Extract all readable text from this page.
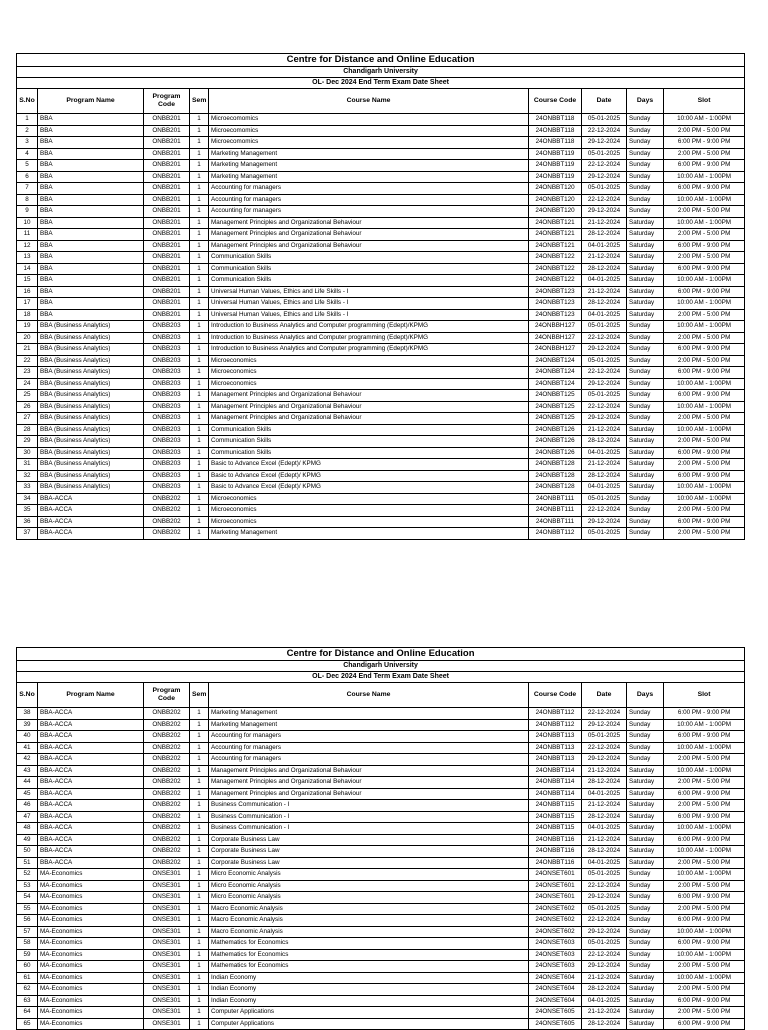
Centre for Distance and Online Education								
Chandigarh University								
OL- Dec 2024 End Term Exam Date Sheet								
S.No	Program Name	Program Code	Sem	Course Name	Course Code	Date	Days	Slot
1	BBA	ONBB201	1	Microecomomics	24ONBBT118	05-01-2025	Sunday	10:00 AM - 1:00PM
2	BBA	ONBB201	1	Microecomomics	24ONBBT118	22-12-2024	Sunday	2:00 PM - 5:00 PM
3	BBA	ONBB201	1	Microecomomics	24ONBBT118	29-12-2024	Sunday	6:00 PM - 9:00 PM
4	BBA	ONBB201	1	Marketing Management	24ONBBT119	05-01-2025	Sunday	2:00 PM - 5:00 PM
5	BBA	ONBB201	1	Marketing Management	24ONBBT119	22-12-2024	Sunday	6:00 PM - 9:00 PM
6	BBA	ONBB201	1	Marketing Management	24ONBBT119	29-12-2024	Sunday	10:00 AM - 1:00PM
7	BBA	ONBB201	1	Accounting for managers	24ONBBT120	05-01-2025	Sunday	6:00 PM - 9:00 PM
8	BBA	ONBB201	1	Accounting for managers	24ONBBT120	22-12-2024	Sunday	10:00 AM - 1:00PM
9	BBA	ONBB201	1	Accounting for managers	24ONBBT120	29-12-2024	Sunday	2:00 PM - 5:00 PM
10	BBA	ONBB201	1	Management Principles and Organizational Behaviour	24ONBBT121	21-12-2024	Saturday	10:00 AM - 1:00PM
11	BBA	ONBB201	1	Management Principles and Organizational Behaviour	24ONBBT121	28-12-2024	Saturday	2:00 PM - 5:00 PM
12	BBA	ONBB201	1	Management Principles and Organizational Behaviour	24ONBBT121	04-01-2025	Saturday	6:00 PM - 9:00 PM
13	BBA	ONBB201	1	Communication Skills	24ONBBT122	21-12-2024	Saturday	2:00 PM - 5:00 PM
14	BBA	ONBB201	1	Communication Skills	24ONBBT122	28-12-2024	Saturday	6:00 PM - 9:00 PM
15	BBA	ONBB201	1	Communication Skills	24ONBBT122	04-01-2025	Saturday	10:00 AM - 1:00PM
16	BBA	ONBB201	1	Universal Human Values, Ethics and Life Skills - I	24ONBBT123	21-12-2024	Saturday	6:00 PM - 9:00 PM
17	BBA	ONBB201	1	Universal Human Values, Ethics and Life Skills - I	24ONBBT123	28-12-2024	Saturday	10:00 AM - 1:00PM
18	BBA	ONBB201	1	Universal Human Values, Ethics and Life Skills - I	24ONBBT123	04-01-2025	Saturday	2:00 PM - 5:00 PM
19	BBA (Business Analytics)	ONBB203	1	Introduction to Business Analytics and Computer programming (Edept)/KPMG	24ONBBH127	05-01-2025	Sunday	10:00 AM - 1:00PM
20	BBA (Business Analytics)	ONBB203	1	Introduction to Business Analytics and Computer programming (Edept)/KPMG	24ONBBH127	22-12-2024	Sunday	2:00 PM - 5:00 PM
21	BBA (Business Analytics)	ONBB203	1	Introduction to Business Analytics and Computer programming (Edept)/KPMG	24ONBBH127	29-12-2024	Sunday	6:00 PM - 9:00 PM
22	BBA (Business Analytics)	ONBB203	1	Microeconomics	24ONBBT124	05-01-2025	Sunday	2:00 PM - 5:00 PM
23	BBA (Business Analytics)	ONBB203	1	Microeconomics	24ONBBT124	22-12-2024	Sunday	6:00 PM - 9:00 PM
24	BBA (Business Analytics)	ONBB203	1	Microeconomics	24ONBBT124	29-12-2024	Sunday	10:00 AM - 1:00PM
25	BBA (Business Analytics)	ONBB203	1	Management Principles and Organizational Behaviour	24ONBBT125	05-01-2025	Sunday	6:00 PM - 9:00 PM
26	BBA (Business Analytics)	ONBB203	1	Management Principles and Organizational Behaviour	24ONBBT125	22-12-2024	Sunday	10:00 AM - 1:00PM
27	BBA (Business Analytics)	ONBB203	1	Management Principles and Organizational Behaviour	24ONBBT125	29-12-2024	Sunday	2:00 PM - 5:00 PM
28	BBA (Business Analytics)	ONBB203	1	Communication Skills	24ONBBT126	21-12-2024	Saturday	10:00 AM - 1:00PM
29	BBA (Business Analytics)	ONBB203	1	Communication Skills	24ONBBT126	28-12-2024	Saturday	2:00 PM - 5:00 PM
30	BBA (Business Analytics)	ONBB203	1	Communication Skills	24ONBBT126	04-01-2025	Saturday	6:00 PM - 9:00 PM
31	BBA (Business Analytics)	ONBB203	1	Basic to Advance Excel (Edept)/ KPMG	24ONBBT128	21-12-2024	Saturday	2:00 PM - 5:00 PM
32	BBA (Business Analytics)	ONBB203	1	Basic to Advance Excel (Edept)/ KPMG	24ONBBT128	28-12-2024	Saturday	6:00 PM - 9:00 PM
33	BBA (Business Analytics)	ONBB203	1	Basic to Advance Excel (Edept)/ KPMG	24ONBBT128	04-01-2025	Saturday	10:00 AM - 1:00PM
34	BBA-ACCA	ONBB202	1	Microeconomics	24ONBBT111	05-01-2025	Sunday	10:00 AM - 1:00PM
35	BBA-ACCA	ONBB202	1	Microeconomics	24ONBBT111	22-12-2024	Sunday	2:00 PM - 5:00 PM
36	BBA-ACCA	ONBB202	1	Microeconomics	24ONBBT111	29-12-2024	Sunday	6:00 PM - 9:00 PM
37	BBA-ACCA	ONBB202	1	Marketing Management	24ONBBT112	05-01-2025	Sunday	2:00 PM - 5:00 PM
Centre for Distance and Online Education								
Chandigarh University								
OL- Dec 2024 End Term Exam Date Sheet								
S.No	Program Name	Program Code	Sem	Course Name	Course Code	Date	Days	Slot
38	BBA-ACCA	ONBB202	1	Marketing Management	24ONBBT112	22-12-2024	Sunday	6:00 PM - 9:00 PM
39	BBA-ACCA	ONBB202	1	Marketing Management	24ONBBT112	29-12-2024	Sunday	10:00 AM - 1:00PM
40	BBA-ACCA	ONBB202	1	Accounting for managers	24ONBBT113	05-01-2025	Sunday	6:00 PM - 9:00 PM
41	BBA-ACCA	ONBB202	1	Accounting for managers	24ONBBT113	22-12-2024	Sunday	10:00 AM - 1:00PM
42	BBA-ACCA	ONBB202	1	Accounting for managers	24ONBBT113	29-12-2024	Sunday	2:00 PM - 5:00 PM
43	BBA-ACCA	ONBB202	1	Management Principles and Organizational Behaviour	24ONBBT114	21-12-2024	Saturday	10:00 AM - 1:00PM
44	BBA-ACCA	ONBB202	1	Management Principles and Organizational Behaviour	24ONBBT114	28-12-2024	Saturday	2:00 PM - 5:00 PM
45	BBA-ACCA	ONBB202	1	Management Principles and Organizational Behaviour	24ONBBT114	04-01-2025	Saturday	6:00 PM - 9:00 PM
46	BBA-ACCA	ONBB202	1	Business Communication - I	24ONBBT115	21-12-2024	Saturday	2:00 PM - 5:00 PM
47	BBA-ACCA	ONBB202	1	Business Communication - I	24ONBBT115	28-12-2024	Saturday	6:00 PM - 9:00 PM
48	BBA-ACCA	ONBB202	1	Business Communication - I	24ONBBT115	04-01-2025	Saturday	10:00 AM - 1:00PM
49	BBA-ACCA	ONBB202	1	Corporate Business Law	24ONBBT116	21-12-2024	Saturday	6:00 PM - 9:00 PM
50	BBA-ACCA	ONBB202	1	Corporate Business Law	24ONBBT116	28-12-2024	Saturday	10:00 AM - 1:00PM
51	BBA-ACCA	ONBB202	1	Corporate Business Law	24ONBBT116	04-01-2025	Saturday	2:00 PM - 5:00 PM
52	MA-Economics	ONSE301	1	Micro Economic Analysis	24ONSET601	05-01-2025	Sunday	10:00 AM - 1:00PM
53	MA-Economics	ONSE301	1	Micro Economic Analysis	24ONSET601	22-12-2024	Sunday	2:00 PM - 5:00 PM
54	MA-Economics	ONSE301	1	Micro Economic Analysis	24ONSET601	29-12-2024	Sunday	6:00 PM - 9:00 PM
55	MA-Economics	ONSE301	1	Macro Economic Analysis	24ONSET602	05-01-2025	Sunday	2:00 PM - 5:00 PM
56	MA-Economics	ONSE301	1	Macro Economic Analysis	24ONSET602	22-12-2024	Sunday	6:00 PM - 9:00 PM
57	MA-Economics	ONSE301	1	Macro Economic Analysis	24ONSET602	29-12-2024	Sunday	10:00 AM - 1:00PM
58	MA-Economics	ONSE301	1	Mathematics for Economics	24ONSET603	05-01-2025	Sunday	6:00 PM - 9:00 PM
59	MA-Economics	ONSE301	1	Mathematics for Economics	24ONSET603	22-12-2024	Sunday	10:00 AM - 1:00PM
60	MA-Economics	ONSE301	1	Mathematics for Economics	24ONSET603	29-12-2024	Sunday	2:00 PM - 5:00 PM
61	MA-Economics	ONSE301	1	Indian Economy	24ONSET604	21-12-2024	Saturday	10:00 AM - 1:00PM
62	MA-Economics	ONSE301	1	Indian Economy	24ONSET604	28-12-2024	Saturday	2:00 PM - 5:00 PM
63	MA-Economics	ONSE301	1	Indian Economy	24ONSET604	04-01-2025	Saturday	6:00 PM - 9:00 PM
64	MA-Economics	ONSE301	1	Computer Applications	24ONSET605	21-12-2024	Saturday	2:00 PM - 5:00 PM
65	MA-Economics	ONSE301	1	Computer Applications	24ONSET605	28-12-2024	Saturday	6:00 PM - 9:00 PM
